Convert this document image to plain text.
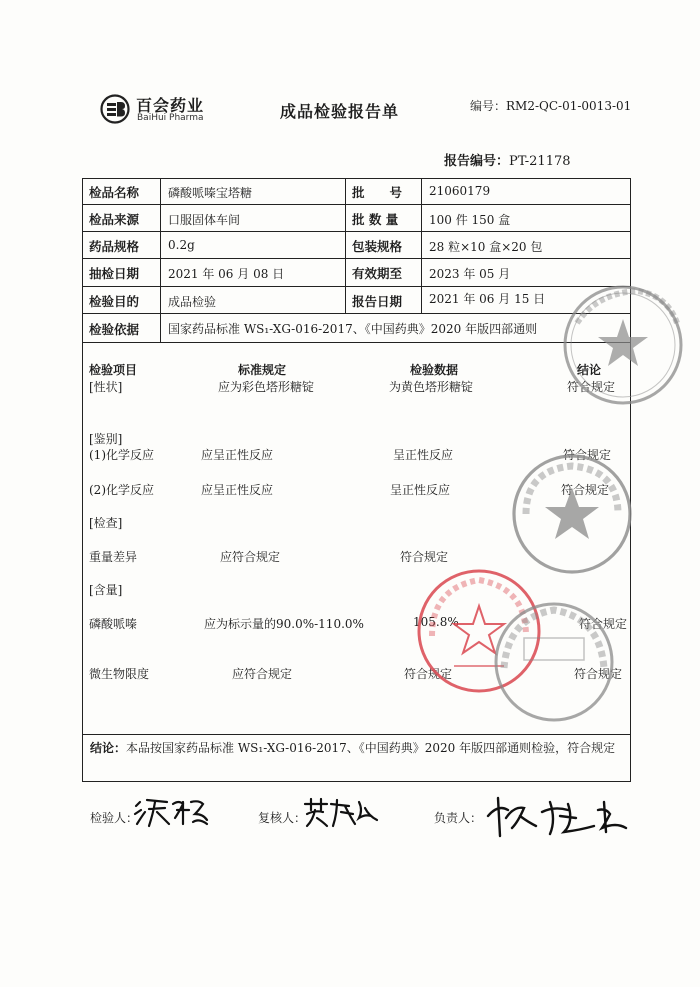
百会药业
BaiHui Pharma	成品检验报告单	编号：RM2-QC-01-0013-01
报告编号：PT-21178
检品名称 磷酸哌嗪宝塔糖	批　　号 21060179
检品来源 口服固体车间	批 数 量	100 件 150 盒
药品规格 0.2g	包装规格 28 粒×10 盒×20 包
抽检日期 2021 年 06 月 08 日	有效期至 2023 年 05 月
检验目的 成品检验	报告日期 2021 年 06 月 15 日
检验依据 国家药品标准 WS₁-XG-016-2017、《中国药典》2020 年版四部通则
检验项目	标准规定	检验数据	结论
[性状]	应为彩色塔形糖锭	为黄色塔形糖锭	符合规定
[鉴别]
(1)化学反应	应呈正性反应	呈正性反应	符合规定
(2)化学反应	应呈正性反应	呈正性反应	符合规定
[检查]
重量差异	应符合规定	符合规定
[含量]
磷酸哌嗪	应为标示量的90.0%-110.0%	105.8%	符合规定
微生物限度	应符合规定	符合规定	符合规定
结论：本品按国家药品标准 WS₁-XG-016-2017、《中国药典》2020 年版四部通则检验，符合规定
检验人：	复核人：	负责人：
